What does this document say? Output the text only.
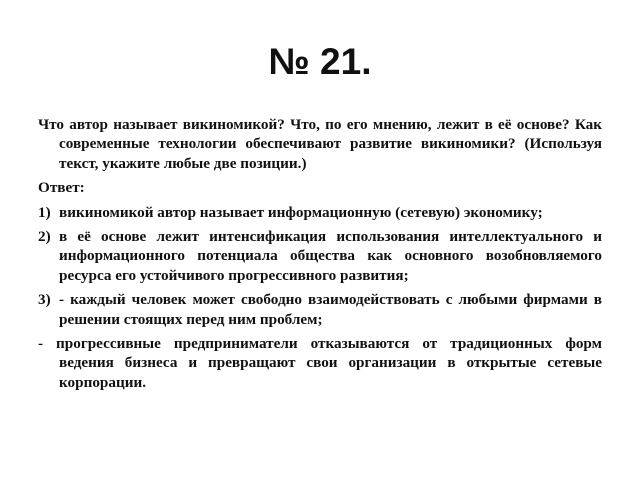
№ 21.

Что автор называет викиномикой? Что, по его мнению, лежит в её основе? Как современные технологии обеспечивают развитие викиномики? (Используя текст, укажите любые две позиции.)

Ответ:

1) викиномикой автор называет информационную (сетевую) экономику;
2) в её основе лежит интенсификация использования интеллектуального и информационного потенциала общества как основного возобновляемого ресурса его устойчивого прогрессивного развития;
3) - каждый человек может свободно взаимодействовать с любыми фирмами в решении стоящих перед ним проблем;

- прогрессивные предприниматели отказываются от традиционных форм ведения бизнеса и превращают свои организации в открытые сетевые корпорации.
